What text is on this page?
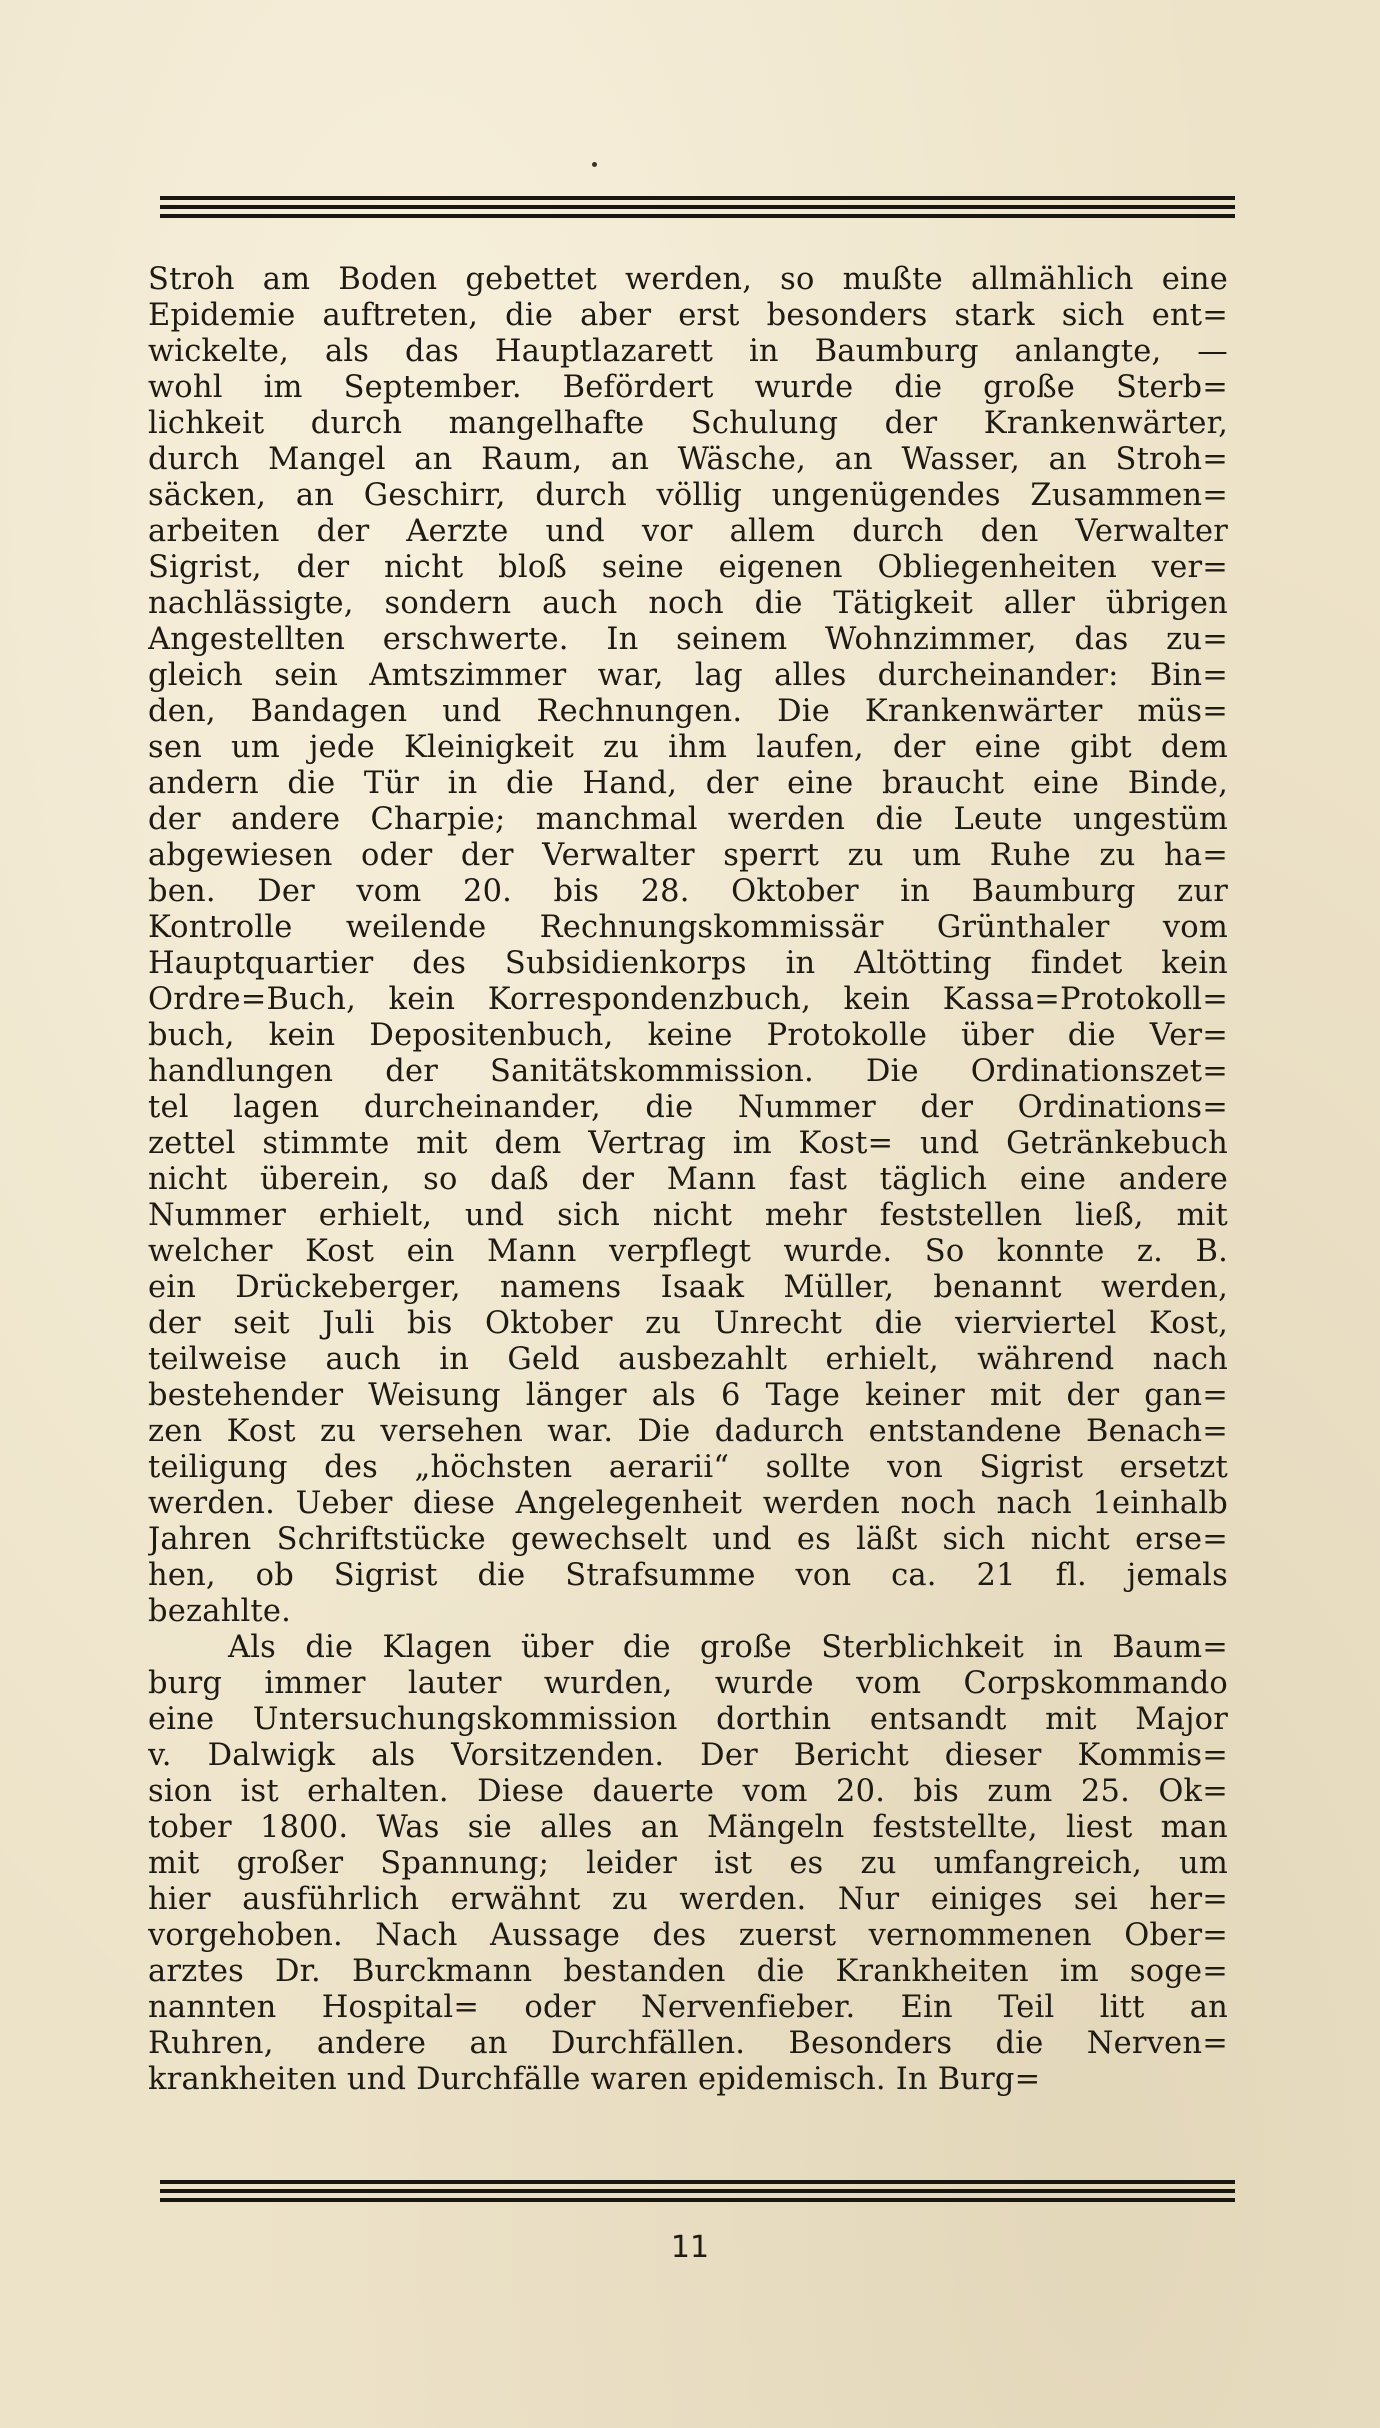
Stroh am Boden gebettet werden, so mußte allmählich eine
Epidemie auftreten, die aber erst besonders stark sich ent=
wickelte, als das Hauptlazarett in Baumburg anlangte, —
wohl im September. Befördert wurde die große Sterb=
lichkeit durch mangelhafte Schulung der Krankenwärter,
durch Mangel an Raum, an Wäsche, an Wasser, an Stroh=
säcken, an Geschirr, durch völlig ungenügendes Zusammen=
arbeiten der Aerzte und vor allem durch den Verwalter
Sigrist, der nicht bloß seine eigenen Obliegenheiten ver=
nachlässigte, sondern auch noch die Tätigkeit aller übrigen
Angestellten erschwerte. In seinem Wohnzimmer, das zu=
gleich sein Amtszimmer war, lag alles durcheinander: Bin=
den, Bandagen und Rechnungen. Die Krankenwärter müs=
sen um jede Kleinigkeit zu ihm laufen, der eine gibt dem
andern die Tür in die Hand, der eine braucht eine Binde,
der andere Charpie; manchmal werden die Leute ungestüm
abgewiesen oder der Verwalter sperrt zu um Ruhe zu ha=
ben. Der vom 20. bis 28. Oktober in Baumburg zur
Kontrolle weilende Rechnungskommissär Grünthaler vom
Hauptquartier des Subsidienkorps in Altötting findet kein
Ordre=Buch, kein Korrespondenzbuch, kein Kassa=Protokoll=
buch, kein Depositenbuch, keine Protokolle über die Ver=
handlungen der Sanitätskommission. Die Ordinationszet=
tel lagen durcheinander, die Nummer der Ordinations=
zettel stimmte mit dem Vertrag im Kost= und Getränkebuch
nicht überein, so daß der Mann fast täglich eine andere
Nummer erhielt, und sich nicht mehr feststellen ließ, mit
welcher Kost ein Mann verpflegt wurde. So konnte z. B.
ein Drückeberger, namens Isaak Müller, benannt werden,
der seit Juli bis Oktober zu Unrecht die vierviertel Kost,
teilweise auch in Geld ausbezahlt erhielt, während nach
bestehender Weisung länger als 6 Tage keiner mit der gan=
zen Kost zu versehen war. Die dadurch entstandene Benach=
teiligung des „höchsten aerarii“ sollte von Sigrist ersetzt
werden. Ueber diese Angelegenheit werden noch nach 1einhalb
Jahren Schriftstücke gewechselt und es läßt sich nicht erse=
hen, ob Sigrist die Strafsumme von ca. 21 fl. jemals
bezahlte.
Als die Klagen über die große Sterblichkeit in Baum=
burg immer lauter wurden, wurde vom Corpskommando
eine Untersuchungskommission dorthin entsandt mit Major
v. Dalwigk als Vorsitzenden. Der Bericht dieser Kommis=
sion ist erhalten. Diese dauerte vom 20. bis zum 25. Ok=
tober 1800. Was sie alles an Mängeln feststellte, liest man
mit großer Spannung; leider ist es zu umfangreich, um
hier ausführlich erwähnt zu werden. Nur einiges sei her=
vorgehoben. Nach Aussage des zuerst vernommenen Ober=
arztes Dr. Burckmann bestanden die Krankheiten im soge=
nannten Hospital= oder Nervenfieber. Ein Teil litt an
Ruhren, andere an Durchfällen. Besonders die Nerven=
krankheiten und Durchfälle waren epidemisch. In Burg=
11
